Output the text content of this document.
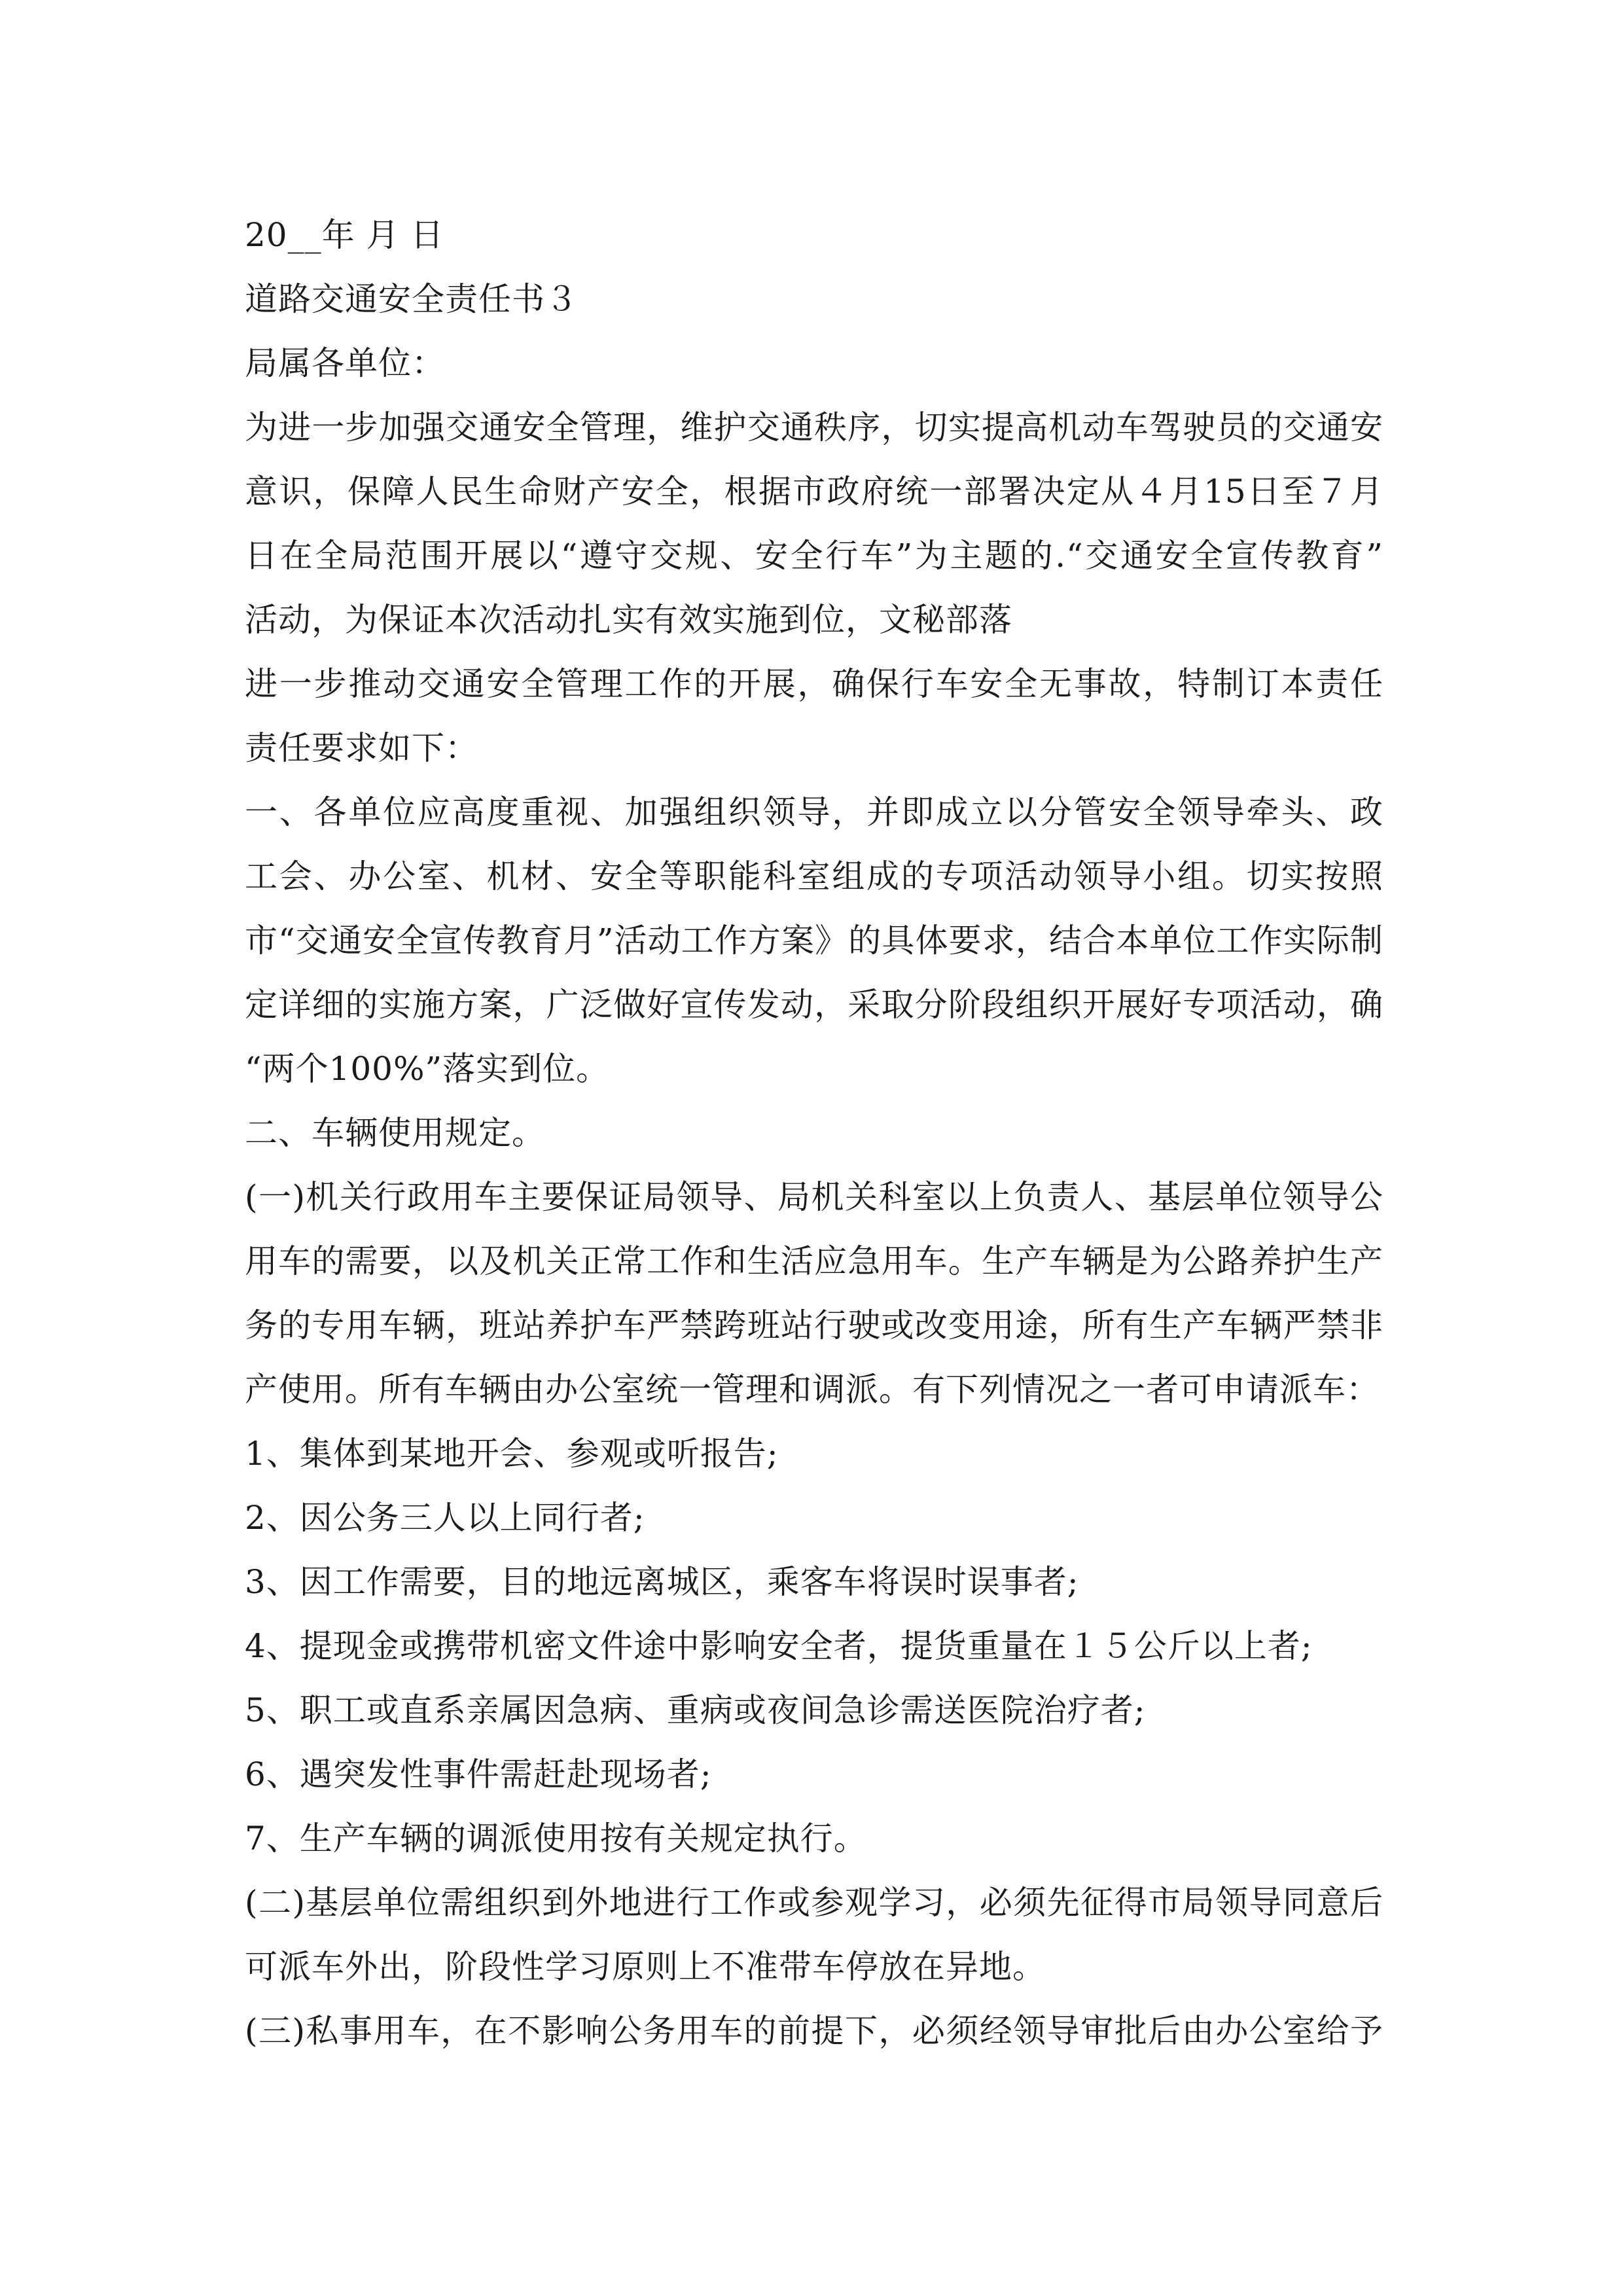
20__年 月 日
道路交通安全责任书３
局属各单位：
为进一步加强交通安全管理，维护交通秩序，切实提高机动车驾驶员的交通安
意识，保障人民生命财产安全，根据市政府统一部署决定从４月15日至７月
日在全局范围开展以“遵守交规、安全行车”为主题的.“交通安全宣传教育”
活动，为保证本次活动扎实有效实施到位，文秘部落
进一步推动交通安全管理工作的开展，确保行车安全无事故，特制订本责任
责任要求如下：
一、各单位应高度重视、加强组织领导，并即成立以分管安全领导牵头、政
工会、办公室、机材、安全等职能科室组成的专项活动领导小组。切实按照
市“交通安全宣传教育月”活动工作方案》的具体要求，结合本单位工作实际制
定详细的实施方案，广泛做好宣传发动，采取分阶段组织开展好专项活动，确
“两个100%”落实到位。
二、车辆使用规定。
(一)机关行政用车主要保证局领导、局机关科室以上负责人、基层单位领导公
用车的需要，以及机关正常工作和生活应急用车。生产车辆是为公路养护生产
务的专用车辆，班站养护车严禁跨班站行驶或改变用途，所有生产车辆严禁非
产使用。所有车辆由办公室统一管理和调派。有下列情况之一者可申请派车：
1、集体到某地开会、参观或听报告;
2、因公务三人以上同行者;
3、因工作需要，目的地远离城区，乘客车将误时误事者;
4、提现金或携带机密文件途中影响安全者，提货重量在１５公斤以上者;
5、职工或直系亲属因急病、重病或夜间急诊需送医院治疗者;
6、遇突发性事件需赶赴现场者;
7、生产车辆的调派使用按有关规定执行。
(二)基层单位需组织到外地进行工作或参观学习，必须先征得市局领导同意后
可派车外出，阶段性学习原则上不准带车停放在异地。
(三)私事用车，在不影响公务用车的前提下，必须经领导审批后由办公室给予
